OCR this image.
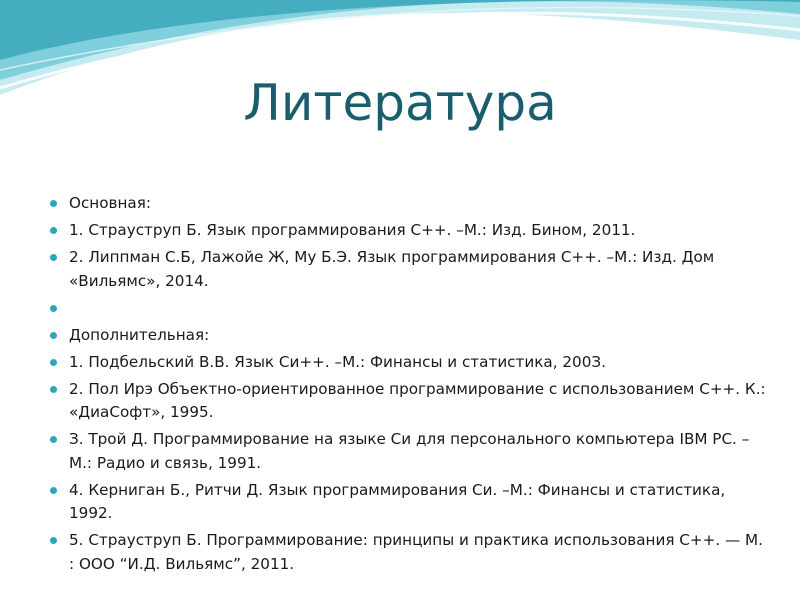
Литература
Основная:
1. Страуструп Б. Язык программирования С++. –М.: Изд. Бином, 2011.
2. Липпман С.Б, Лажойе Ж, Му Б.Э. Язык программирования С++. –М.: Изд. Дом «Вильямс», 2014.
Дополнительная:
1. Подбельский В.В. Язык Си++. –М.: Финансы и статистика, 200З.
2. Пол Ирэ Объектно-ориентированное программирование с использованием C++. К.: «ДиаСофт», 1995.
З. Трой Д. Программирование на языке Си для персонального компьютера IBM PC. –М.: Радио и связь, 1991.
4. Керниган Б., Ритчи Д. Язык программирования Си. –М.: Финансы и статистика, 1992.
5. Страуструп Б. Программирование: принципы и практика использования C++. — М. : ООО “И.Д. Вильямс”, 2011.
